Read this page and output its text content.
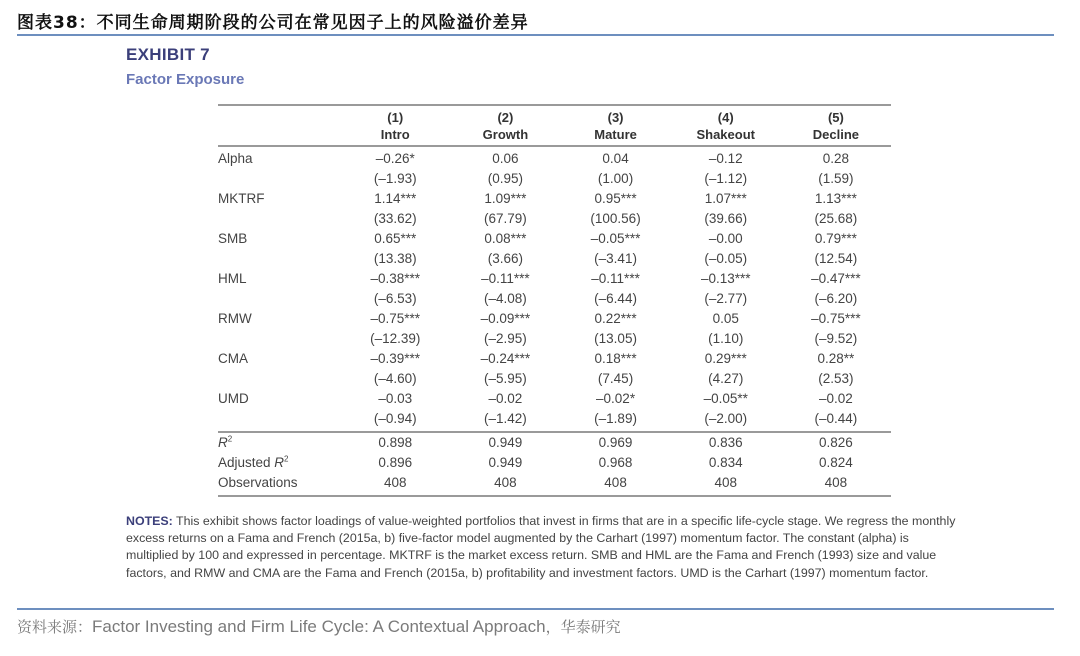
图表38：不同生命周期阶段的公司在常见因子上的风险溢价差异
EXHIBIT 7
Factor Exposure
	(1)	(2)	(3)	(4)	(5)
	Intro	Growth	Mature	Shakeout	Decline
Alpha	–0.26*	0.06	0.04	–0.12	0.28
	(–1.93)	(0.95)	(1.00)	(–1.12)	(1.59)
MKTRF	1.14***	1.09***	0.95***	1.07***	1.13***
	(33.62)	(67.79)	(100.56)	(39.66)	(25.68)
SMB	0.65***	0.08***	–0.05***	–0.00	0.79***
	(13.38)	(3.66)	(–3.41)	(–0.05)	(12.54)
HML	–0.38***	–0.11***	–0.11***	–0.13***	–0.47***
	(–6.53)	(–4.08)	(–6.44)	(–2.77)	(–6.20)
RMW	–0.75***	–0.09***	0.22***	0.05	–0.75***
	(–12.39)	(–2.95)	(13.05)	(1.10)	(–9.52)
CMA	–0.39***	–0.24***	0.18***	0.29***	0.28**
	(–4.60)	(–5.95)	(7.45)	(4.27)	(2.53)
UMD	–0.03	–0.02	–0.02*	–0.05**	–0.02
	(–0.94)	(–1.42)	(–1.89)	(–2.00)	(–0.44)
$R^2$	0.898	0.949	0.969	0.836	0.826
Adjusted $R^2$	0.896	0.949	0.968	0.834	0.824
Observations	408	408	408	408	408
NOTES: This exhibit shows factor loadings of value-weighted portfolios that invest in firms that are in a specific life-cycle stage. We regress the monthly excess returns on a Fama and French (2015a, b) five-factor model augmented by the Carhart (1997) momentum factor. The constant (alpha) is multiplied by 100 and expressed in percentage. MKTRF is the market excess return. SMB and HML are the Fama and French (1993) size and value factors, and RMW and CMA are the Fama and French (2015a, b) profitability and investment factors. UMD is the Carhart (1997) momentum factor.
资料来源：Factor Investing and Firm Life Cycle: A Contextual Approach，华泰研究
